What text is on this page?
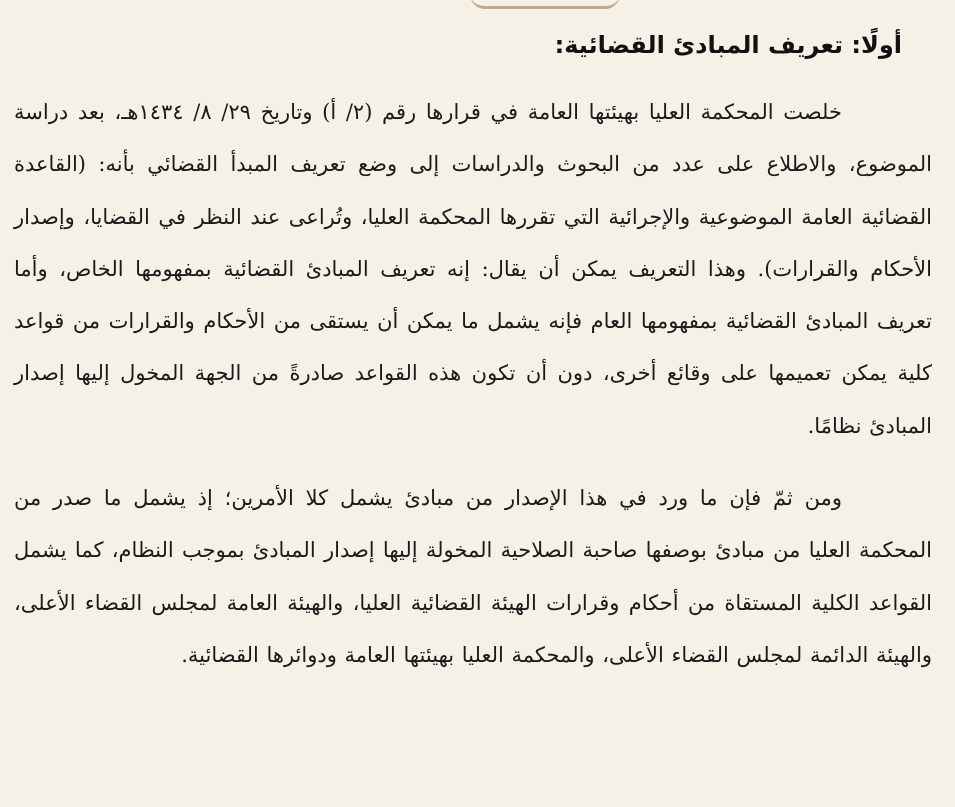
أولًا: تعريف المبادئ القضائية:

خلصت المحكمة العليا بهيئتها العامة في قرارها رقم (٢/ أ) وتاريخ ٢٩/ ٨/ ١٤٣٤هـ، بعد دراسة الموضوع، والاطلاع على عدد من البحوث والدراسات إلى وضع تعريف المبدأ القضائي بأنه: (القاعدة القضائية العامة الموضوعية والإجرائية التي تقررها المحكمة العليا، وتُراعى عند النظر في القضايا، وإصدار الأحكام والقرارات). وهذا التعريف يمكن أن يقال: إنه تعريف المبادئ القضائية بمفهومها الخاص، وأما تعريف المبادئ القضائية بمفهومها العام فإنه يشمل ما يمكن أن يستقى من الأحكام والقرارات من قواعد كلية يمكن تعميمها على وقائع أخرى، دون أن تكون هذه القواعد صادرةً من الجهة المخول إليها إصدار المبادئ نظامًا.

ومن ثمّ فإن ما ورد في هذا الإصدار من مبادئ يشمل كلا الأمرين؛ إذ يشمل ما صدر من المحكمة العليا من مبادئ بوصفها صاحبة الصلاحية المخولة إليها إصدار المبادئ بموجب النظام، كما يشمل القواعد الكلية المستقاة من أحكام وقرارات الهيئة القضائية العليا، والهيئة العامة لمجلس القضاء الأعلى، والهيئة الدائمة لمجلس القضاء الأعلى، والمحكمة العليا بهيئتها العامة ودوائرها القضائية.
